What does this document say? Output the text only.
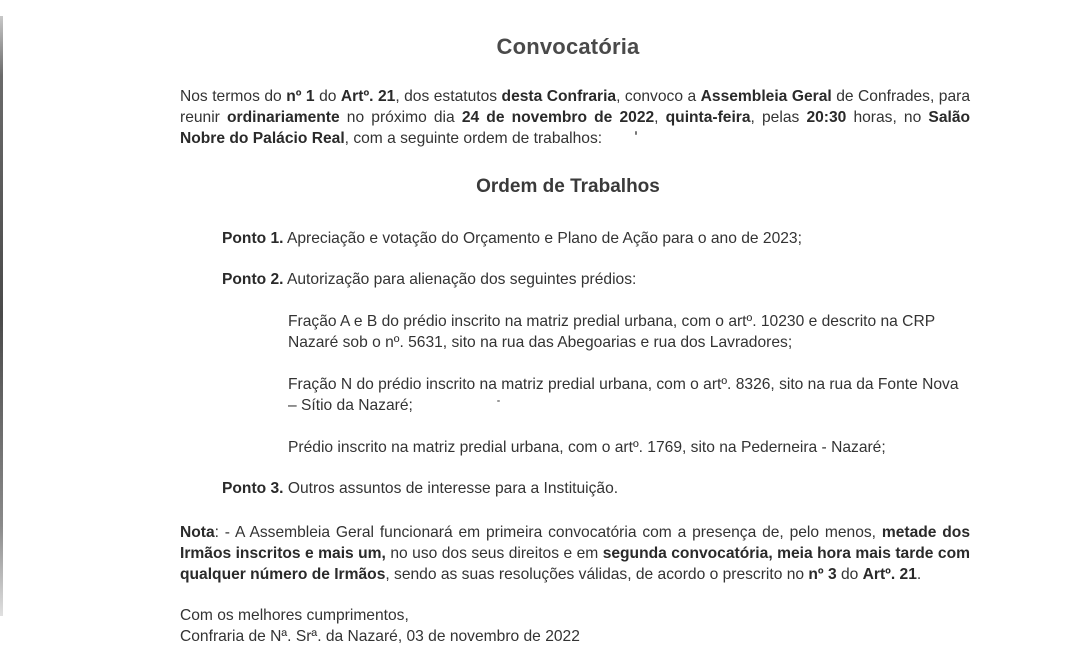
Convocatória
Nos termos do nº 1 do Artº. 21, dos estatutos desta Confraria, convoco a Assembleia Geral de Confrades, para reunir ordinariamente no próximo dia 24 de novembro de 2022, quinta-feira, pelas 20:30 horas, no Salão Nobre do Palácio Real, com a seguinte ordem de trabalhos:
Ordem de Trabalhos
Ponto 1. Apreciação e votação do Orçamento e Plano de Ação para o ano de 2023;
Ponto 2. Autorização para alienação dos seguintes prédios:
Fração A e B do prédio inscrito na matriz predial urbana, com o artº. 10230 e descrito na CRP Nazaré sob o nº. 5631, sito na rua das Abegoarias e rua dos Lavradores;
Fração N do prédio inscrito na matriz predial urbana, com o artº. 8326, sito na rua da Fonte Nova – Sítio da Nazaré;
Prédio inscrito na matriz predial urbana, com o artº. 1769, sito na Pederneira - Nazaré;
Ponto 3. Outros assuntos de interesse para a Instituição.
Nota: - A Assembleia Geral funcionará em primeira convocatória com a presença de, pelo menos, metade dos Irmãos inscritos e mais um, no uso dos seus direitos e em segunda convocatória, meia hora mais tarde com qualquer número de Irmãos, sendo as suas resoluções válidas, de acordo o prescrito no nº 3 do Artº. 21.
Com os melhores cumprimentos,
Confraria de Nª. Srª. da Nazaré, 03 de novembro de 2022
